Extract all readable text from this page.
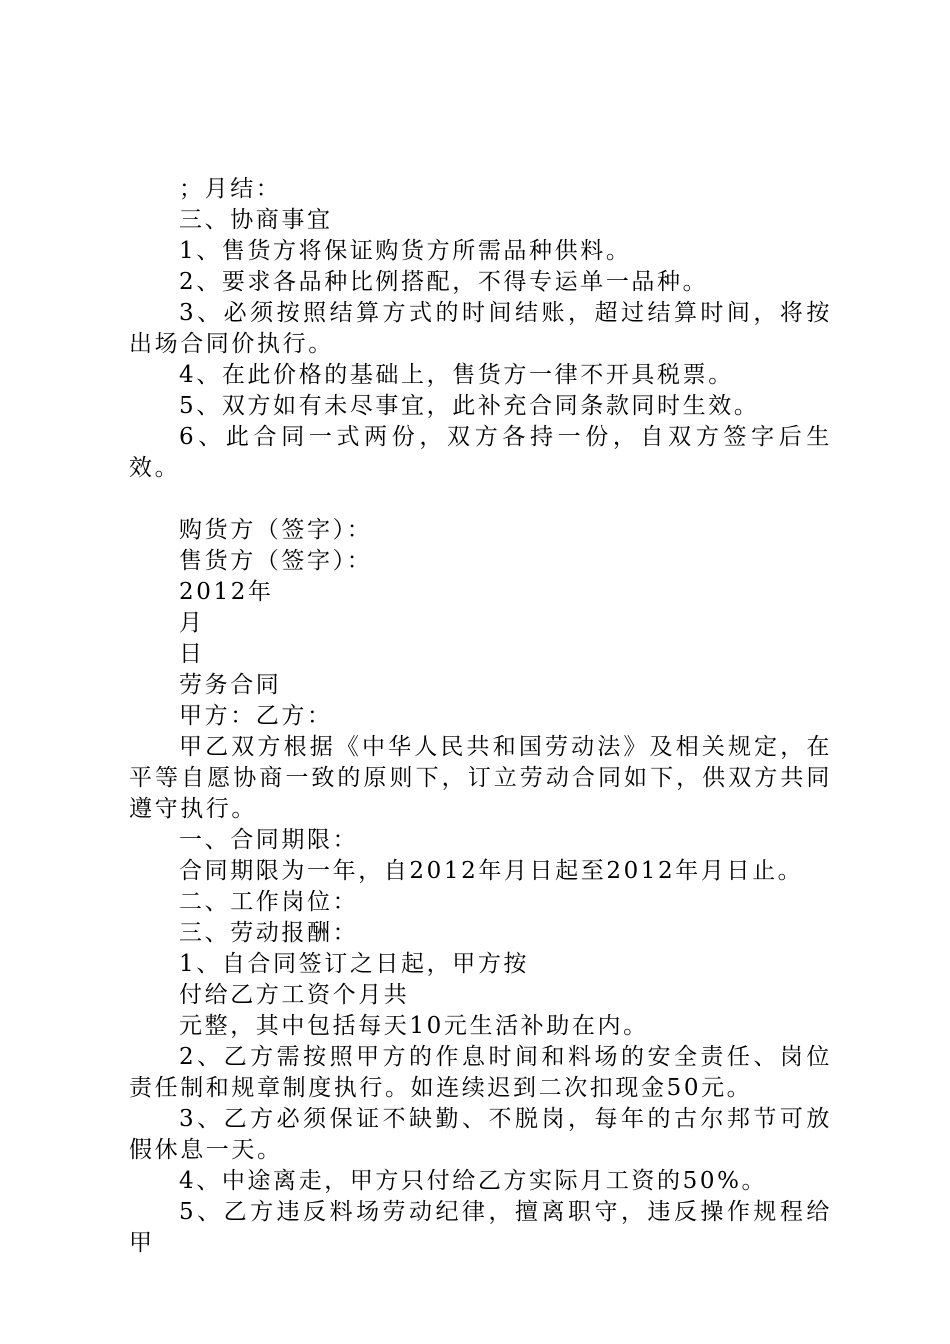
；月结：

三、协商事宜

1、售货方将保证购货方所需品种供料。

2、要求各品种比例搭配，不得专运单一品种。

3、必须按照结算方式的时间结账，超过结算时间，将按出场合同价执行。

4、在此价格的基础上，售货方一律不开具税票。

5、双方如有未尽事宜，此补充合同条款同时生效。

6、此合同一式两份，双方各持一份，自双方签字后生效。

购货方（签字）：

售货方（签字）：

2012年

月

日

劳务合同

甲方：乙方：

甲乙双方根据《中华人民共和国劳动法》及相关规定，在平等自愿协商一致的原则下，订立劳动合同如下，供双方共同遵守执行。

一、合同期限：

合同期限为一年，自2012年月日起至2012年月日止。

二、工作岗位：

三、劳动报酬：

1、自合同签订之日起，甲方按

付给乙方工资个月共

元整，其中包括每天10元生活补助在内。

2、乙方需按照甲方的作息时间和料场的安全责任、岗位责任制和规章制度执行。如连续迟到二次扣现金50元。

3、乙方必须保证不缺勤、不脱岗，每年的古尔邦节可放假休息一天。

4、中途离走，甲方只付给乙方实际月工资的50%。

5、乙方违反料场劳动纪律，擅离职守，违反操作规程给甲
